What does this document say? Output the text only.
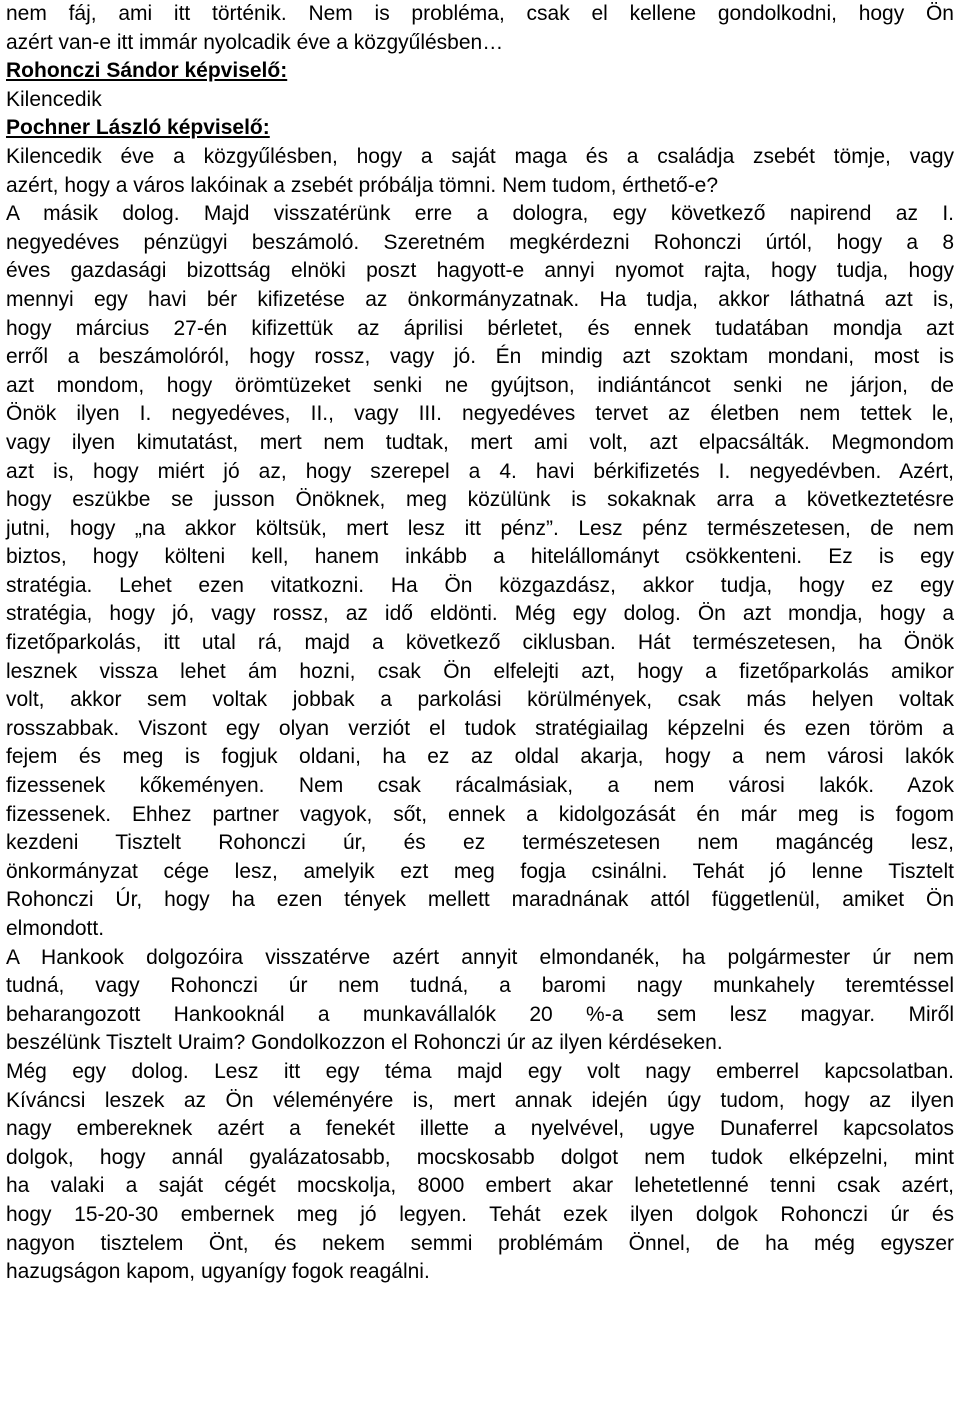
nem fáj, ami itt történik. Nem is probléma, csak el kellene gondolkodni, hogy Ön
azért van-e itt immár nyolcadik éve a közgyűlésben…
Rohonczi Sándor képviselő:
Kilencedik
Pochner László képviselő:
Kilencedik éve a közgyűlésben, hogy a saját maga és a családja zsebét tömje, vagy
azért, hogy a város lakóinak a zsebét próbálja tömni. Nem tudom, érthető-e?
A másik dolog. Majd visszatérünk erre a dologra, egy következő napirend az I.
negyedéves pénzügyi beszámoló. Szeretném megkérdezni Rohonczi úrtól, hogy a 8
éves gazdasági bizottság elnöki poszt hagyott-e annyi nyomot rajta, hogy tudja, hogy
mennyi egy havi bér kifizetése az önkormányzatnak. Ha tudja, akkor láthatná azt is,
hogy március 27-én kifizettük az áprilisi bérletet, és ennek tudatában mondja azt
erről a beszámolóról, hogy rossz, vagy jó. Én mindig azt szoktam mondani, most is
azt mondom, hogy örömtüzeket senki ne gyújtson, indiántáncot senki ne járjon, de
Önök ilyen I. negyedéves, II., vagy III. negyedéves tervet az életben nem tettek le,
vagy ilyen kimutatást, mert nem tudtak, mert ami volt, azt elpacsálták. Megmondom
azt is, hogy miért jó az, hogy szerepel a 4. havi bérkifizetés I. negyedévben. Azért,
hogy eszükbe se jusson Önöknek, meg közülünk is sokaknak arra a következtetésre
jutni, hogy „na akkor költsük, mert lesz itt pénz”. Lesz pénz természetesen, de nem
biztos, hogy költeni kell, hanem inkább a hitelállományt csökkenteni. Ez is egy
stratégia. Lehet ezen vitatkozni. Ha Ön közgazdász, akkor tudja, hogy ez egy
stratégia, hogy jó, vagy rossz, az idő eldönti. Még egy dolog. Ön azt mondja, hogy a
fizetőparkolás, itt utal rá, majd a következő ciklusban. Hát természetesen, ha Önök
lesznek vissza lehet ám hozni, csak Ön elfelejti azt, hogy a fizetőparkolás amikor
volt, akkor sem voltak jobbak a parkolási körülmények, csak más helyen voltak
rosszabbak. Viszont egy olyan verziót el tudok stratégiailag képzelni és ezen töröm a
fejem és meg is fogjuk oldani, ha ez az oldal akarja, hogy a nem városi lakók
fizessenek kőkeményen. Nem csak rácalmásiak, a nem városi lakók. Azok
fizessenek. Ehhez partner vagyok, sőt, ennek a kidolgozását én már meg is fogom
kezdeni Tisztelt Rohonczi úr, és ez természetesen nem magáncég lesz,
önkormányzat cége lesz, amelyik ezt meg fogja csinálni. Tehát jó lenne Tisztelt
Rohonczi Úr, hogy ha ezen tények mellett maradnának attól függetlenül, amiket Ön
elmondott.
A Hankook dolgozóira visszatérve azért annyit elmondanék, ha polgármester úr nem
tudná, vagy Rohonczi úr nem tudná, a baromi nagy munkahely teremtéssel
beharangozott Hankooknál a munkavállalók 20 %-a sem lesz magyar. Miről
beszélünk Tisztelt Uraim? Gondolkozzon el Rohonczi úr az ilyen kérdéseken.
Még egy dolog. Lesz itt egy téma majd egy volt nagy emberrel kapcsolatban.
Kíváncsi leszek az Ön véleményére is, mert annak idején úgy tudom, hogy az ilyen
nagy embereknek azért a fenekét illette a nyelvével, ugye Dunaferrel kapcsolatos
dolgok, hogy annál gyalázatosabb, mocskosabb dolgot nem tudok elképzelni, mint
ha valaki a saját cégét mocskolja, 8000 embert akar lehetetlenné tenni csak azért,
hogy 15-20-30 embernek meg jó legyen. Tehát ezek ilyen dolgok Rohonczi úr és
nagyon tisztelem Önt, és nekem semmi problémám Önnel, de ha még egyszer
hazugságon kapom, ugyanígy fogok reagálni.
